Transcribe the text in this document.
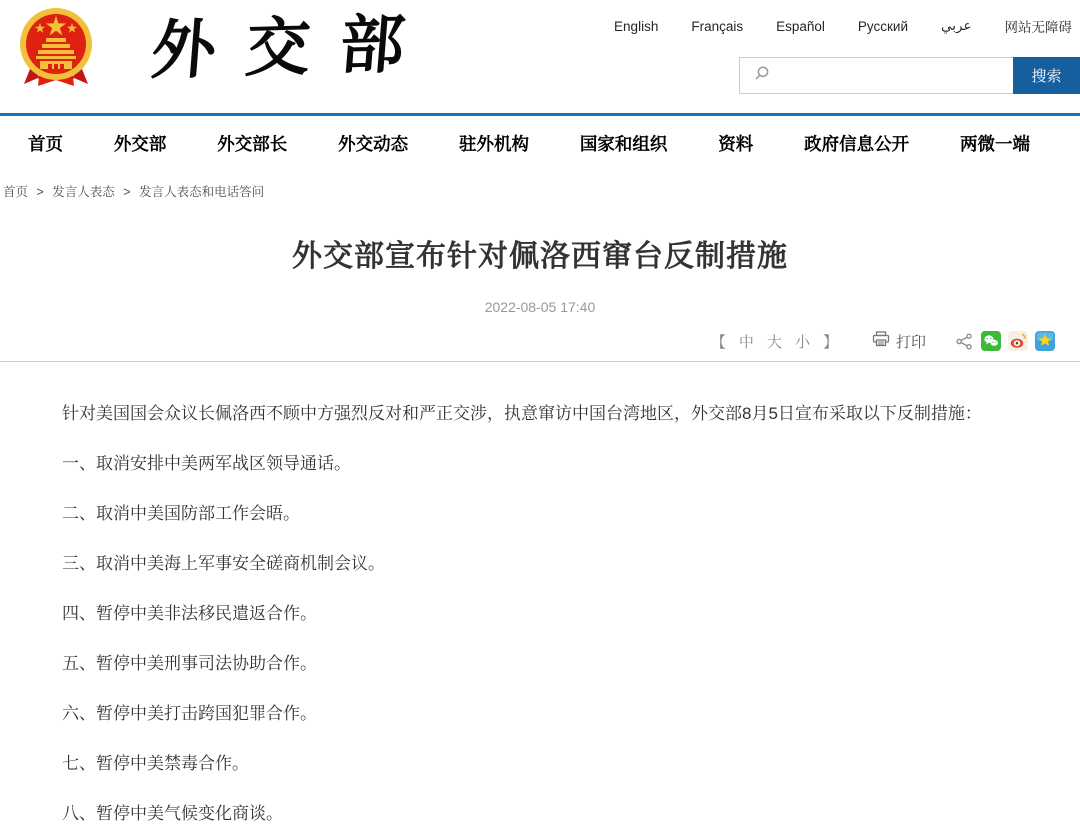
外交部	English Français Español Русский عربي 网站无障碍
搜索
首页	外交部	外交部长	外交动态	驻外机构	国家和组织	资料	政府信息公开	两微一端
首页 > 发言人表态 > 发言人表态和电话答问
外交部宣布针对佩洛西窜台反制措施
2022-08-05 17:40
【 中 大 小 】	打印

针对美国国会众议长佩洛西不顾中方强烈反对和严正交涉，执意窜访中国台湾地区，外交部8月5日宣布采取以下反制措施：

一、取消安排中美两军战区领导通话。

二、取消中美国防部工作会晤。

三、取消中美海上军事安全磋商机制会议。

四、暂停中美非法移民遣返合作。

五、暂停中美刑事司法协助合作。

六、暂停中美打击跨国犯罪合作。

七、暂停中美禁毒合作。

八、暂停中美气候变化商谈。
